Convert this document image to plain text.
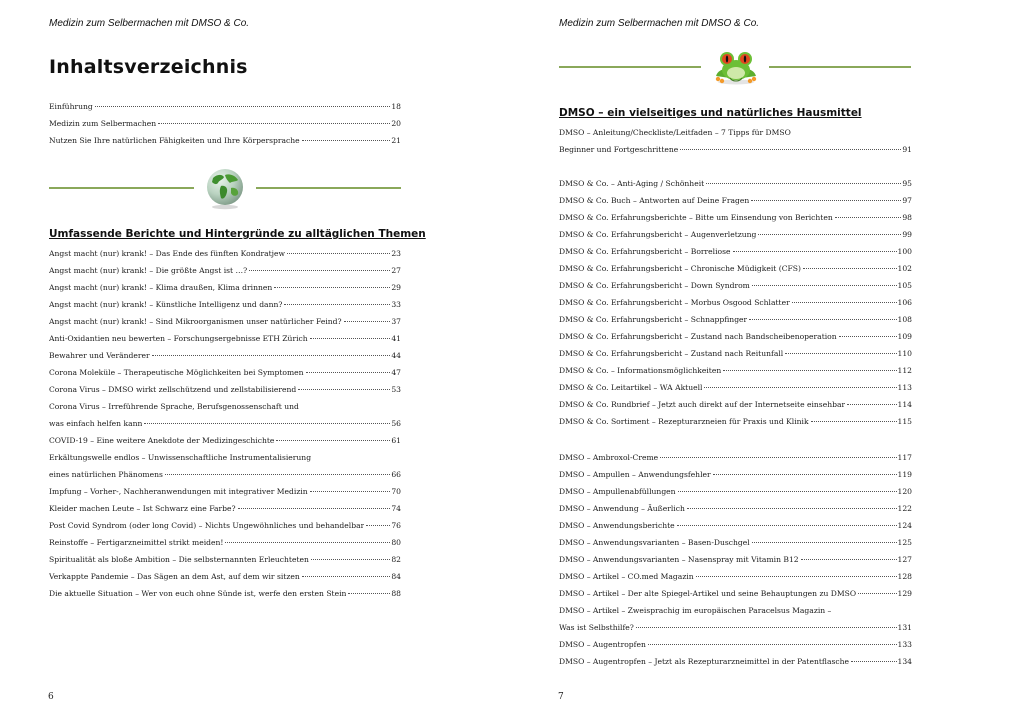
Medizin zum Selbermachen mit DMSO & Co.
Inhaltsverzeichnis
Einführung	18
Medizin zum Selbermachen	20
Nutzen Sie Ihre natürlichen Fähigkeiten und Ihre Körpersprache	21
Umfassende Berichte und Hintergründe zu alltäglichen Themen
Angst macht (nur) krank! – Das Ende des fünften Kondratjew	23
Angst macht (nur) krank! – Die größte Angst ist …?	27
Angst macht (nur) krank! – Klima draußen, Klima drinnen	29
Angst macht (nur) krank! – Künstliche Intelligenz und dann?	33
Angst macht (nur) krank! – Sind Mikroorganismen unser natürlicher Feind?	37
Anti-Oxidantien neu bewerten – Forschungsergebnisse ETH Zürich	41
Bewahrer und Veränderer	44
Corona Moleküle – Therapeutische Möglichkeiten bei Symptomen	47
Corona Virus – DMSO wirkt zellschützend und zellstabilisierend	53
Corona Virus – Irreführende Sprache, Berufsgenossenschaft und
was einfach helfen kann	56
COVID-19 – Eine weitere Anekdote der Medizingeschichte	61
Erkältungswelle endlos – Unwissenschaftliche Instrumentalisierung
eines natürlichen Phänomens	66
Impfung – Vorher-, Nachheranwendungen mit integrativer Medizin	70
Kleider machen Leute – Ist Schwarz eine Farbe?	74
Post Covid Syndrom (oder long Covid) – Nichts Ungewöhnliches und behandelbar	76
Reinstoffe – Fertigarzneimittel strikt meiden!	80
Spiritualität als bloße Ambition – Die selbsternannten Erleuchteten	82
Verkappte Pandemie – Das Sägen an dem Ast, auf dem wir sitzen	84
Die aktuelle Situation – Wer von euch ohne Sünde ist, werfe den ersten Stein	88
6
Medizin zum Selbermachen mit DMSO & Co.
DMSO – ein vielseitiges und natürliches Hausmittel
DMSO – Anleitung/Checkliste/Leitfaden – 7 Tipps für DMSO
Beginner und Fortgeschrittene	91
DMSO & Co. – Anti-Aging / Schönheit	95
DMSO & Co. Buch – Antworten auf Deine Fragen	97
DMSO & Co. Erfahrungsberichte – Bitte um Einsendung von Berichten	98
DMSO & Co. Erfahrungsbericht – Augenverletzung	99
DMSO & Co. Erfahrungsbericht – Borreliose	100
DMSO & Co. Erfahrungsbericht – Chronische Müdigkeit (CFS)	102
DMSO & Co. Erfahrungsbericht – Down Syndrom	105
DMSO & Co. Erfahrungsbericht – Morbus Osgood Schlatter	106
DMSO & Co. Erfahrungsbericht – Schnappfinger	108
DMSO & Co. Erfahrungsbericht – Zustand nach Bandscheibenoperation	109
DMSO & Co. Erfahrungsbericht – Zustand nach Reitunfall	110
DMSO & Co. – Informationsmöglichkeiten	112
DMSO & Co. Leitartikel – WA Aktuell	113
DMSO & Co. Rundbrief – Jetzt auch direkt auf der Internetseite einsehbar	114
DMSO & Co. Sortiment – Rezepturarzneien für Praxis und Klinik	115
DMSO – Ambroxol-Creme	117
DMSO – Ampullen – Anwendungsfehler	119
DMSO – Ampullenabfüllungen	120
DMSO – Anwendung – Äußerlich	122
DMSO – Anwendungsberichte	124
DMSO – Anwendungsvarianten – Basen-Duschgel	125
DMSO – Anwendungsvarianten – Nasenspray mit Vitamin B12	127
DMSO – Artikel – CO.med Magazin	128
DMSO – Artikel – Der alte Spiegel-Artikel und seine Behauptungen zu DMSO	129
DMSO – Artikel – Zweisprachig im europäischen Paracelsus Magazin –
Was ist Selbsthilfe?	131
DMSO – Augentropfen	133
DMSO – Augentropfen – Jetzt als Rezepturarzneimittel in der Patentflasche	134
7
